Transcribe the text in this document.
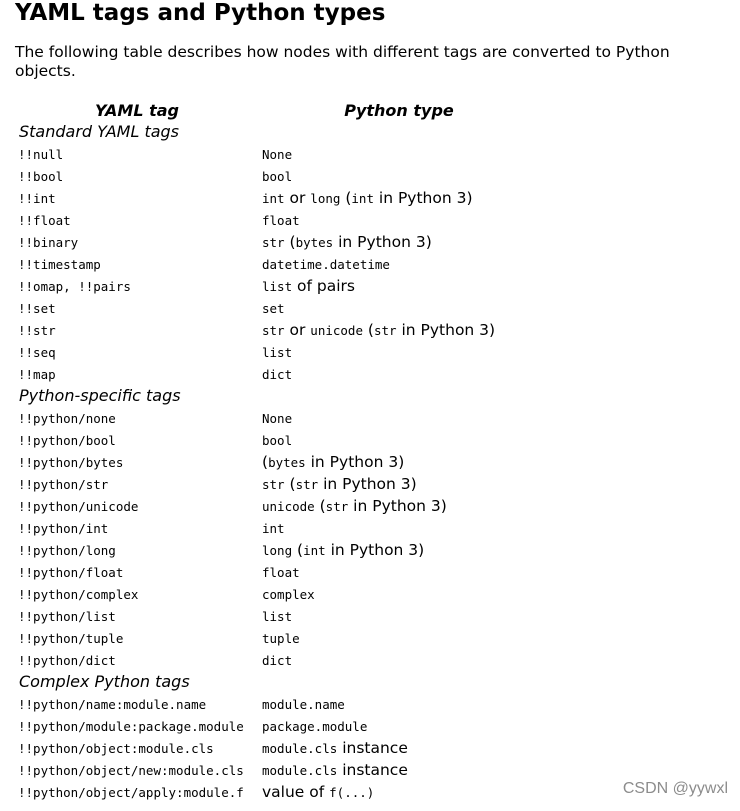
YAML tags and Python types

The following table describes how nodes with different tags are converted to Python objects.

YAML tag	Python type
Standard YAML tags	
!!null	None
!!bool	bool
!!int	int or long (int in Python 3)
!!float	float
!!binary	str (bytes in Python 3)
!!timestamp	datetime.datetime
!!omap, !!pairs	list of pairs
!!set	set
!!str	str or unicode (str in Python 3)
!!seq	list
!!map	dict
Python-specific tags	
!!python/none	None
!!python/bool	bool
!!python/bytes	(bytes in Python 3)
!!python/str	str (str in Python 3)
!!python/unicode	unicode (str in Python 3)
!!python/int	int
!!python/long	long (int in Python 3)
!!python/float	float
!!python/complex	complex
!!python/list	list
!!python/tuple	tuple
!!python/dict	dict
Complex Python tags	
!!python/name:module.name	module.name
!!python/module:package.module	package.module
!!python/object:module.cls	module.cls instance
!!python/object/new:module.cls	module.cls instance
!!python/object/apply:module.f	value of f(...)	CSDN @yywxl
